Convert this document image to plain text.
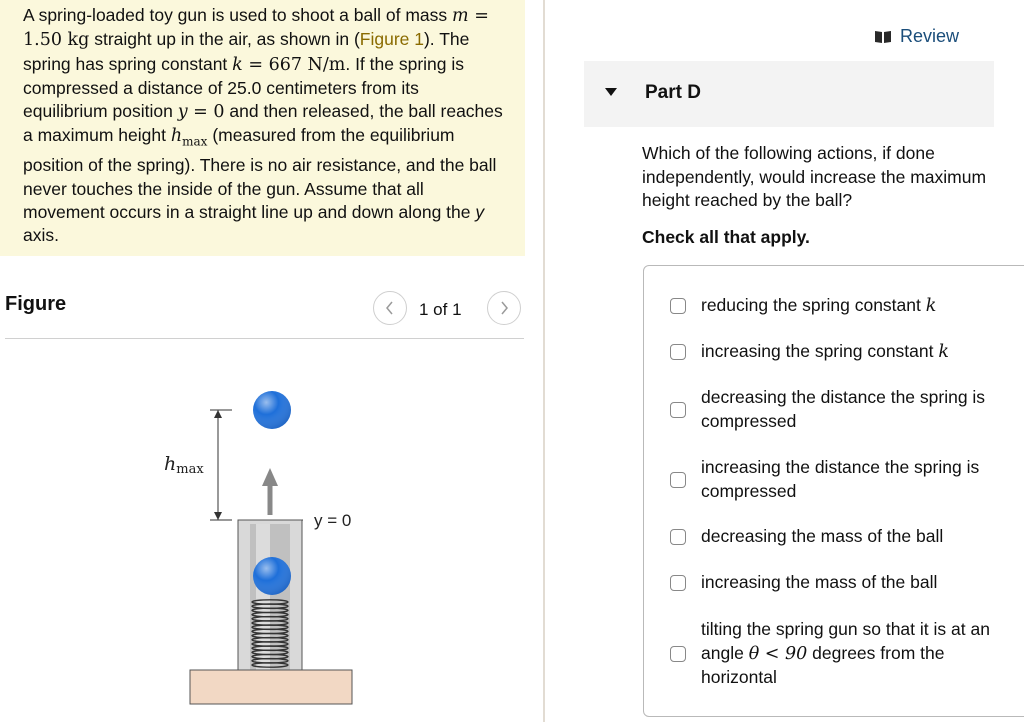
A spring-loaded toy gun is used to shoot a ball of mass m = 1.50 kg straight up in the air, as shown in (Figure 1). The spring has spring constant k = 667 N/m. If the spring is compressed a distance of 25.0 centimeters from its equilibrium position y = 0 and then released, the ball reaches a maximum height $h_{max}$ (measured from the equilibrium position of the spring). There is no air resistance, and the ball never touches the inside of the gun. Assume that all movement occurs in a straight line up and down along the y axis.
Figure	1 of 1
hmax
y = 0
Review
Part D
Which of the following actions, if done independently, would increase the maximum height reached by the ball?
Check all that apply.
reducing the spring constant k
increasing the spring constant k
decreasing the distance the spring is compressed
increasing the distance the spring is compressed
decreasing the mass of the ball
increasing the mass of the ball
tilting the spring gun so that it is at an angle θ < 90 degrees from the horizontal
